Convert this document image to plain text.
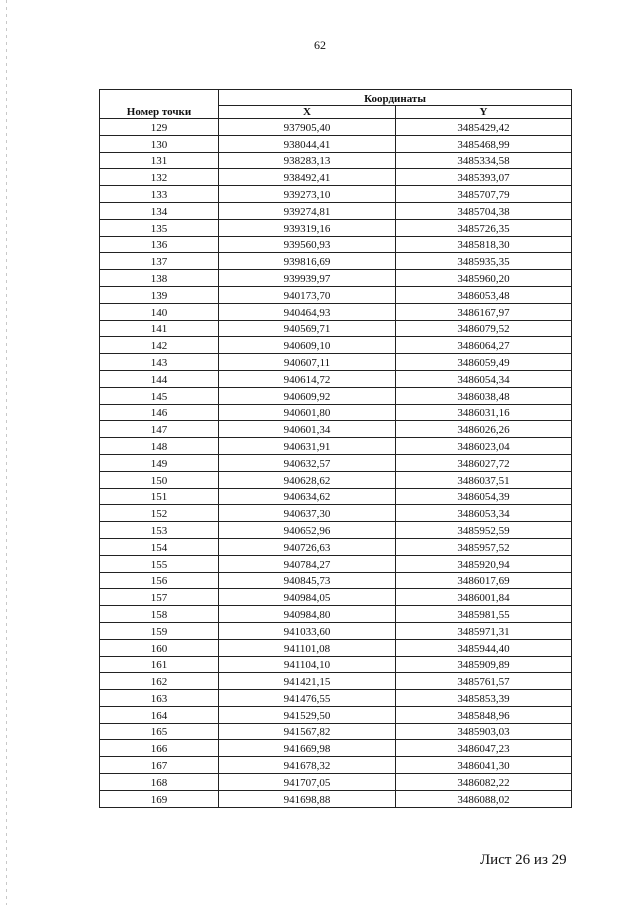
62
Номер точки	Координаты	
	X	Y
129	937905,40	3485429,42
130	938044,41	3485468,99
131	938283,13	3485334,58
132	938492,41	3485393,07
133	939273,10	3485707,79
134	939274,81	3485704,38
135	939319,16	3485726,35
136	939560,93	3485818,30
137	939816,69	3485935,35
138	939939,97	3485960,20
139	940173,70	3486053,48
140	940464,93	3486167,97
141	940569,71	3486079,52
142	940609,10	3486064,27
143	940607,11	3486059,49
144	940614,72	3486054,34
145	940609,92	3486038,48
146	940601,80	3486031,16
147	940601,34	3486026,26
148	940631,91	3486023,04
149	940632,57	3486027,72
150	940628,62	3486037,51
151	940634,62	3486054,39
152	940637,30	3486053,34
153	940652,96	3485952,59
154	940726,63	3485957,52
155	940784,27	3485920,94
156	940845,73	3486017,69
157	940984,05	3486001,84
158	940984,80	3485981,55
159	941033,60	3485971,31
160	941101,08	3485944,40
161	941104,10	3485909,89
162	941421,15	3485761,57
163	941476,55	3485853,39
164	941529,50	3485848,96
165	941567,82	3485903,03
166	941669,98	3486047,23
167	941678,32	3486041,30
168	941707,05	3486082,22
169	941698,88	3486088,02
Лист 26 из 29
